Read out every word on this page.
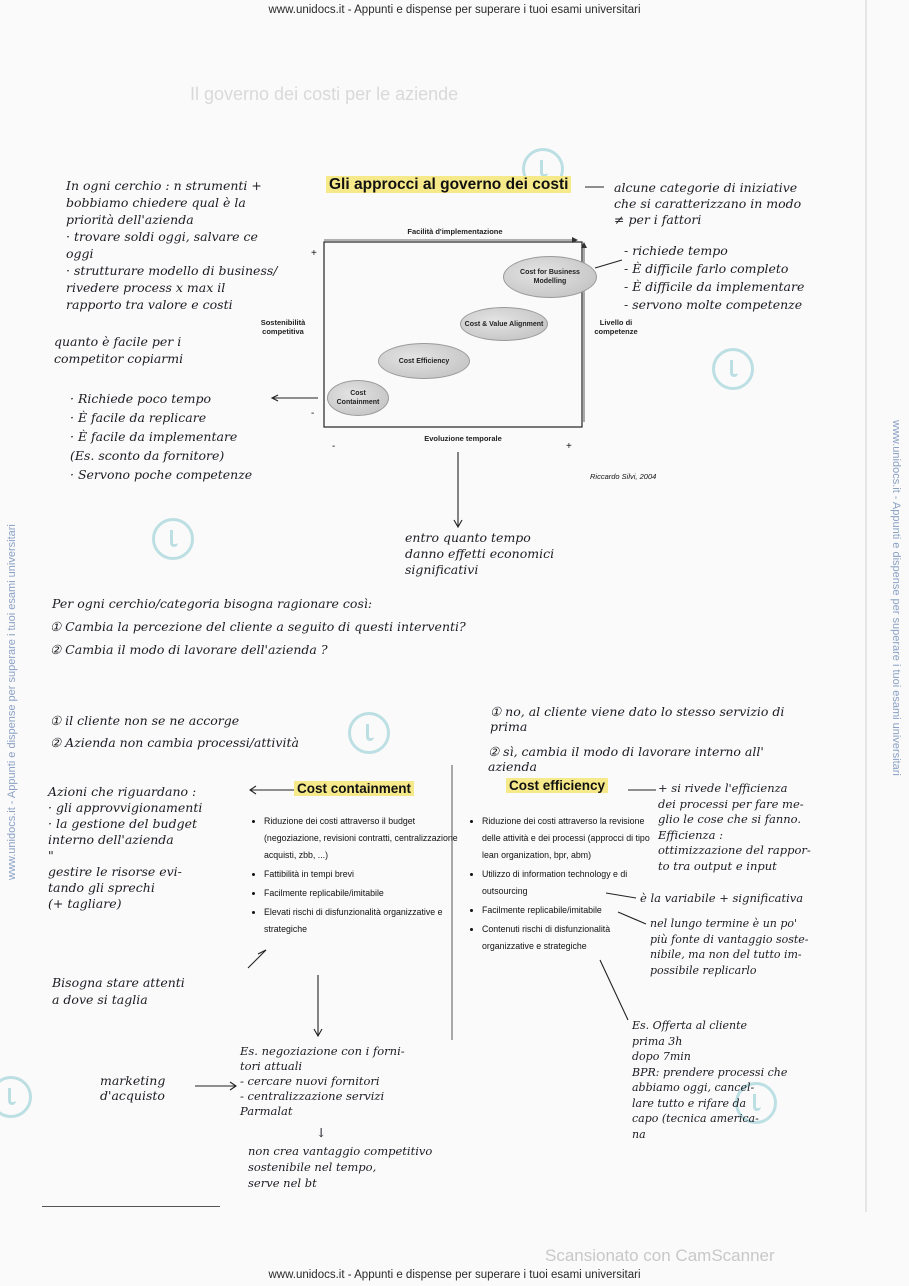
www.unidocs.it - Appunti e dispense per superare i tuoi esami universitari
www.unidocs.it - Appunti e dispense per superare i tuoi esami universitari
Scansionato con CamScanner
www.unidocs.it - Appunti e dispense per superare i tuoi esami universitari	www.unidocs.it - Appunti e dispense per superare i tuoi esami universitari
Il governo dei costi per le aziende
Gli approcci al governo dei costi
Facilità d'implementazione
Sostenibilità competitiva
Livello di competenze
Evoluzione temporale
+
-
-	+
Cost Containment
Cost Efficiency
Cost & Value Alignment
Cost for Business Modelling
Riccardo Silvi, 2004
In ogni cerchio : n strumenti +
bobbiamo chiedere qual è la
priorità dell'azienda
· trovare soldi oggi, salvare ce
oggi
· strutturare modello di business/
rivedere process x max il
rapporto tra valore e costi
quanto è facile per i
competitor copiarmi
· Richiede poco tempo
· È facile da replicare
· È facile da implementare
(Es. sconto da fornitore)
· Servono poche competenze
alcune categorie di iniziative
che si caratterizzano in modo
≠ per i fattori
- richiede tempo
- È difficile farlo completo
- È difficile da implementare
- servono molte competenze
entro quanto tempo
danno effetti economici
significativi
Per ogni cerchio/categoria bisogna ragionare così:
① Cambia la percezione del cliente a seguito di questi interventi?
② Cambia il modo di lavorare dell'azienda ?
① il cliente non se ne accorge
② Azienda non cambia processi/attività
① no, al cliente viene dato lo stesso servizio di
prima
② sì, cambia il modo di lavorare interno all'
azienda
Cost containment
• Riduzione dei costi attraverso il budget (negoziazione, revisioni contratti, centralizzazione acquisti, zbb, ...)
• Fattibilità in tempi brevi
• Facilmente replicabile/imitabile
• Elevati rischi di disfunzionalità organizzative e strategiche
Cost efficiency
• Riduzione dei costi attraverso la revisione delle attività e dei processi (approcci di tipo lean organization, bpr, abm)
• Utilizzo di information technology e di outsourcing
• Facilmente replicabile/imitabile
• Contenuti rischi di disfunzionalità organizzative e strategiche
Azioni che riguardano :
· gli approvvigionamenti
· la gestione del budget
interno dell'azienda
"
gestire le risorse evi-
tando gli sprechi
(+ tagliare)
Bisogna stare attenti
a dove si taglia
marketing
d'acquisto
Es. negoziazione con i forni-
tori attuali
- cercare nuovi fornitori
- centralizzazione servizi
Parmalat
↓
non crea vantaggio competitivo
sostenibile nel tempo,
serve nel bt
+ si rivede l'efficienza
dei processi per fare me-
glio le cose che si fanno.
Efficienza :
ottimizzazione del rappor-
to tra output e input
è la variabile + significativa
nel lungo termine è un po'
più fonte di vantaggio soste-
nibile, ma non del tutto im-
possibile replicarlo
Es. Offerta al cliente
prima 3h
dopo 7min
BPR: prendere processi che
abbiamo oggi, cancel-
lare tutto e rifare da
capo (tecnica america-
na
